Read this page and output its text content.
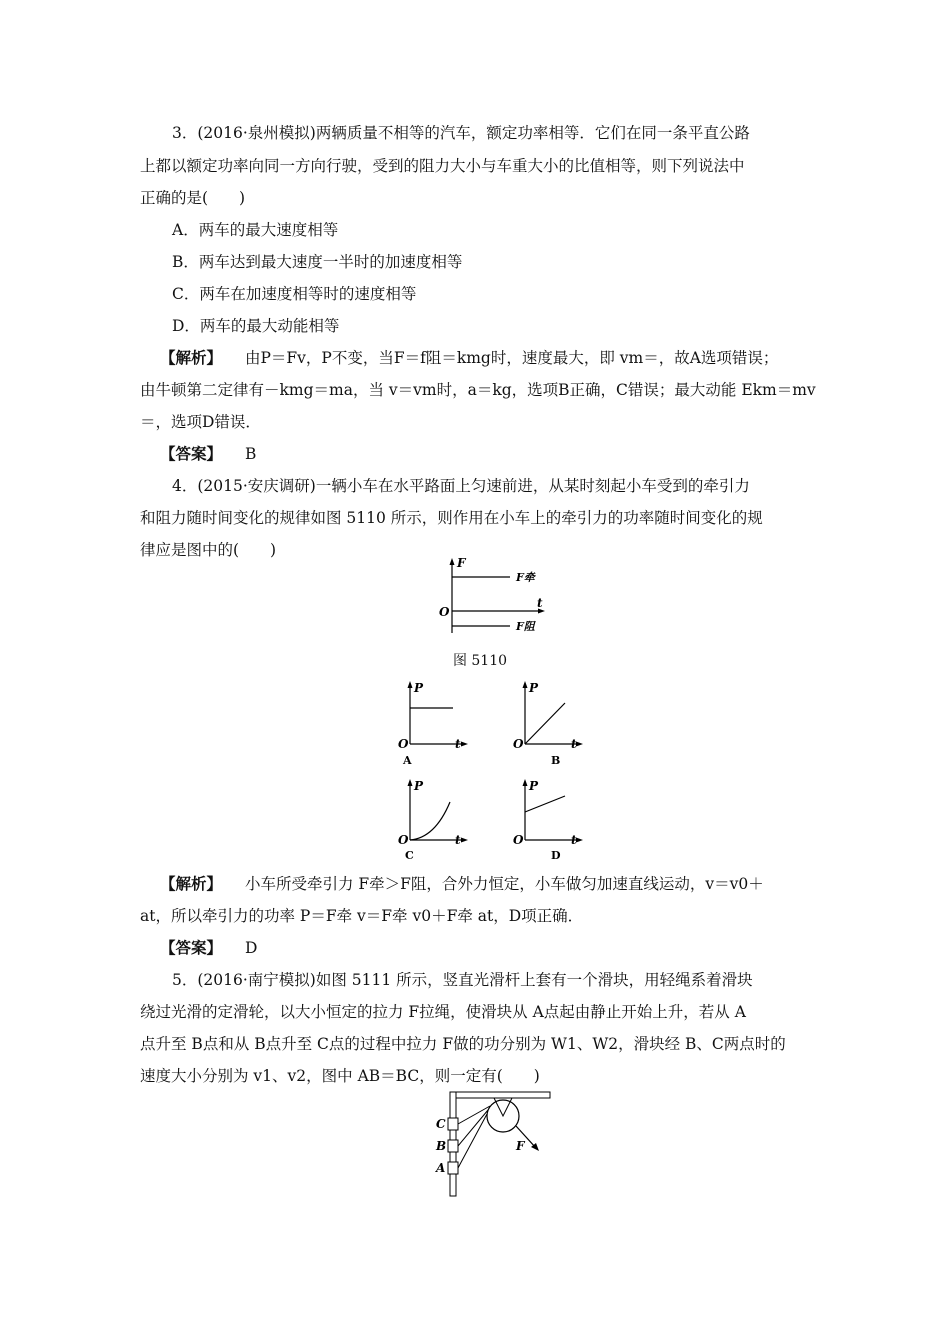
3．(2016·泉州模拟)两辆质量不相等的汽车，额定功率相等．它们在同一条平直公路
上都以额定功率向同一方向行驶，受到的阻力大小与车重大小的比值相等，则下列说法中
正确的是(　　)
A．两车的最大速度相等
B．两车达到最大速度一半时的加速度相等
C．两车在加速度相等时的速度相等
D．两车的最大动能相等
【解析】 由P＝Fv，P不变，当F＝f阻＝kmg时，速度最大，即 vm＝，故A选项错误；
由牛顿第二定律有－kmg＝ma，当 v＝vm时，a＝kg，选项B正确，C错误；最大动能 Ekm＝mv
＝，选项D错误．
【答案】 B
4．(2015·安庆调研)一辆小车在水平路面上匀速前进，从某时刻起小车受到的牵引力
和阻力随时间变化的规律如图 5110 所示，则作用在小车上的牵引力的功率随时间变化的规
律应是图中的(　　)
F
t
O
F牵
F阻
图 5110
P
O	t
A
P
O	t
B
P
O	t
C
P
O	t
D
【解析】 小车所受牵引力 F牵＞F阻，合外力恒定，小车做匀加速直线运动，v＝v0＋
at，所以牵引力的功率 P＝F牵 v＝F牵 v0＋F牵 at，D项正确．
【答案】 D
5．(2016·南宁模拟)如图 5111 所示，竖直光滑杆上套有一个滑块，用轻绳系着滑块
绕过光滑的定滑轮，以大小恒定的拉力 F拉绳，使滑块从 A点起由静止开始上升，若从 A
点升至 B点和从 B点升至 C点的过程中拉力 F做的功分别为 W1、W2，滑块经 B、C两点时的
速度大小分别为 v1、v2，图中 AB＝BC，则一定有(　　)
C
B
A
F
